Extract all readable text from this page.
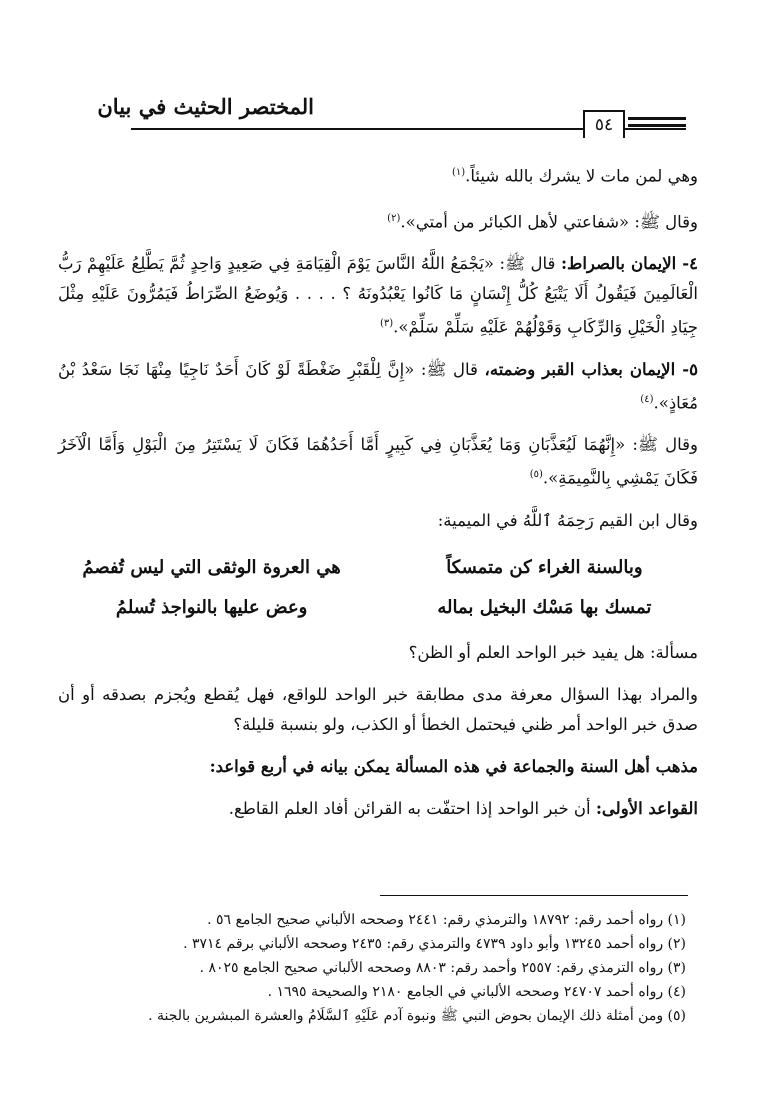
المختصر الحثيث في بيان
٥٤

وهي لمن مات لا يشرك بالله شيئاً.$^{(١)}$

وقال ﷺ: «شفاعتي لأهل الكبائر من أمتي».$^{(٢)}$

٤- الإيمان بالصراط: قال ﷺ: «يَجْمَعُ اللَّهُ النَّاسَ يَوْمَ الْقِيَامَةِ فِي صَعِيدٍ وَاحِدٍ ثُمَّ يَطَّلِعُ عَلَيْهِمْ رَبُّ الْعَالَمِينَ فَيَقُولُ أَلَا يَتْبَعُ كُلُّ إِنْسَانٍ مَا كَانُوا يَعْبُدُونَهُ ؟ . . . . وَيُوضَعُ الصِّرَاطُ فَيَمُرُّونَ عَلَيْهِ مِثْلَ جِيَادِ الْخَيْلِ وَالرِّكَابِ وَقَوْلُهُمْ عَلَيْهِ سَلِّمْ سَلِّمْ».$^{(٣)}$

٥- الإيمان بعذاب القبر وضمته، قال ﷺ: «إِنَّ لِلْقَبْرِ ضَغْطَةً لَوْ كَانَ أَحَدٌ نَاجِيًا مِنْهَا نَجَا سَعْدُ بْنُ مُعَاذٍ».$^{(٤)}$

وقال ﷺ: «إِنَّهُمَا لَيُعَذَّبَانِ وَمَا يُعَذَّبَانِ فِي كَبِيرٍ أَمَّا أَحَدُهُمَا فَكَانَ لَا يَسْتَتِرُ مِنَ الْبَوْلِ وَأَمَّا الْآخَرُ فَكَانَ يَمْشِي بِالنَّمِيمَةِ».$^{(٥)}$

وقال ابن القيم رَحِمَهُ ٱللَّهُ في الميمية:

وبالسنة الغراء كن متمسكاً
هي العروة الوثقى التي ليس تُفصمُ
تمسك بها مَسْك البخيل بماله
وعض عليها بالنواجذ تُسلمُ

مسألة: هل يفيد خبر الواحد العلم أو الظن؟

والمراد بهذا السؤال معرفة مدى مطابقة خبر الواحد للواقع، فهل يُقطع ويُجزم بصدقه أو أن صدق خبر الواحد أمر ظني فيحتمل الخطأ أو الكذب، ولو بنسبة قليلة؟

مذهب أهل السنة والجماعة في هذه المسألة يمكن بيانه في أربع قواعد:

القواعد الأولى: أن خبر الواحد إذا احتفّت به القرائن أفاد العلم القاطع.

(١) رواه أحمد رقم: ١٨٧٩٢ والترمذي رقم: ٢٤٤١ وصححه الألباني صحيح الجامع ٥٦ .
(٢) رواه أحمد ١٣٢٤٥ وأبو داود ٤٧٣٩ والترمذي رقم: ٢٤٣٥ وصححه الألباني برقم ٣٧١٤ .
(٣) رواه الترمذي رقم: ٢٥٥٧ وأحمد رقم: ٨٨٠٣ وصححه الألباني صحيح الجامع ٨٠٢٥ .
(٤) رواه أحمد ٢٤٧٠٧ وصححه الألباني في الجامع ٢١٨٠ والصحيحة ١٦٩٥ .
(٥) ومن أمثلة ذلك الإيمان بحوض النبي ﷺ ونبوة آدم عَلَيْهِ ٱلسَّلَامُ والعشرة المبشرين بالجنة .
